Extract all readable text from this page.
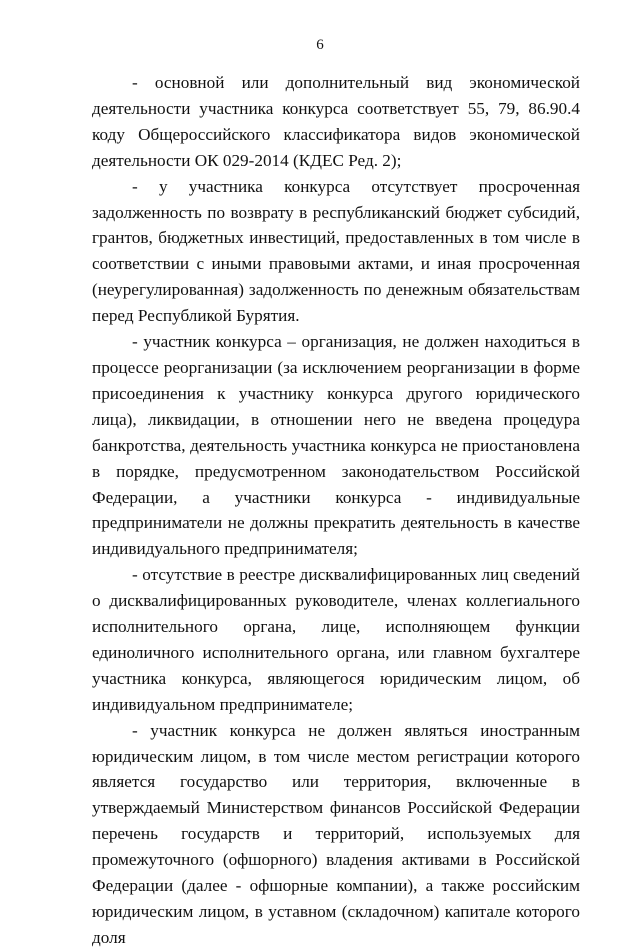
6

- основной или дополнительный вид экономической деятельности участника конкурса соответствует 55, 79, 86.90.4 коду Общероссийского классификатора видов экономической деятельности ОК 029-2014 (КДЕС Ред. 2);

- у участника конкурса отсутствует просроченная задолженность по возврату в республиканский бюджет субсидий, грантов, бюджетных инвестиций, предоставленных в том числе в соответствии с иными правовыми актами, и иная просроченная (неурегулированная) задолженность по денежным обязательствам перед Республикой Бурятия.

- участник конкурса – организация, не должен находиться в процессе реорганизации (за исключением реорганизации в форме присоединения к участнику конкурса другого юридического лица), ликвидации, в отношении него не введена процедура банкротства, деятельность участника конкурса не приостановлена в порядке, предусмотренном законодательством Российской Федерации, а участники конкурса - индивидуальные предприниматели не должны прекратить деятельность в качестве индивидуального предпринимателя;

- отсутствие в реестре дисквалифицированных лиц сведений о дисквалифицированных руководителе, членах коллегиального исполнительного органа, лице, исполняющем функции единоличного исполнительного органа, или главном бухгалтере участника конкурса, являющегося юридическим лицом, об индивидуальном предпринимателе;

- участник конкурса не должен являться иностранным юридическим лицом, в том числе местом регистрации которого является государство или территория, включенные в утверждаемый Министерством финансов Российской Федерации перечень государств и территорий, используемых для промежуточного (офшорного) владения активами в Российской Федерации (далее - офшорные компании), а также российским юридическим лицом, в уставном (складочном) капитале которого доля
